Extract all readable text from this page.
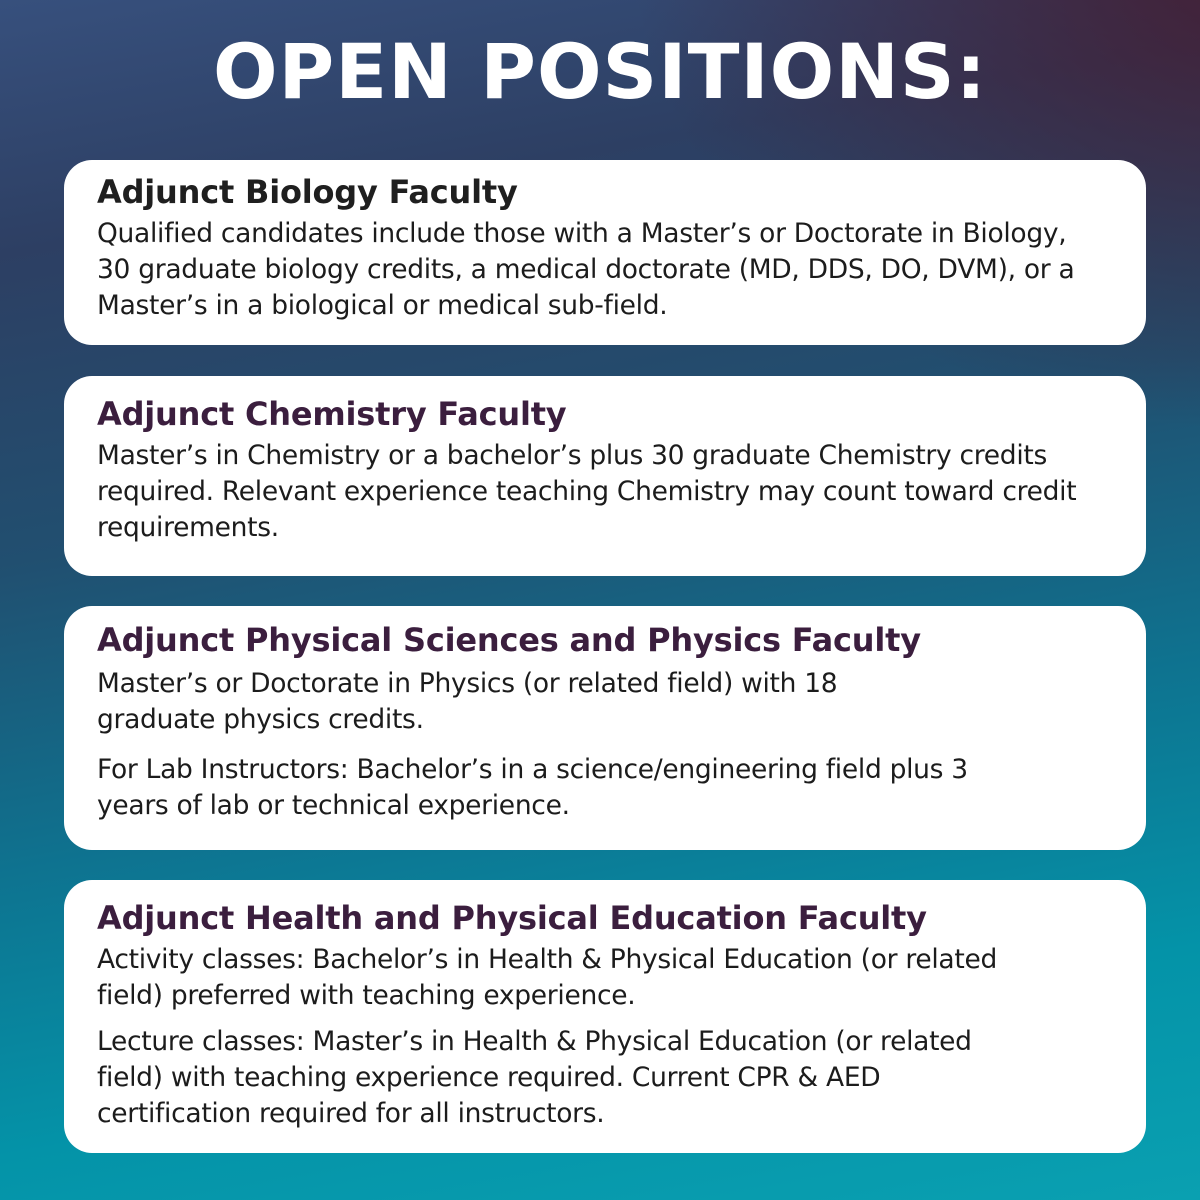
OPEN POSITIONS:
Adjunct Biology Faculty

Qualified candidates include those with a Master’s or Doctorate in Biology, 30 graduate biology credits, a medical doctorate (MD, DDS, DO, DVM), or a Master’s in a biological or medical sub-field.

Adjunct Chemistry Faculty

Master’s in Chemistry or a bachelor’s plus 30 graduate Chemistry credits required. Relevant experience teaching Chemistry may count toward credit requirements.

Adjunct Physical Sciences and Physics Faculty

Master’s or Doctorate in Physics (or related field) with 18 graduate physics credits.

For Lab Instructors: Bachelor’s in a science/engineering field plus 3 years of lab or technical experience.

Adjunct Health and Physical Education Faculty

Activity classes: Bachelor’s in Health & Physical Education (or related field) preferred with teaching experience.

Lecture classes: Master’s in Health & Physical Education (or related field) with teaching experience required. Current CPR & AED certification required for all instructors.
